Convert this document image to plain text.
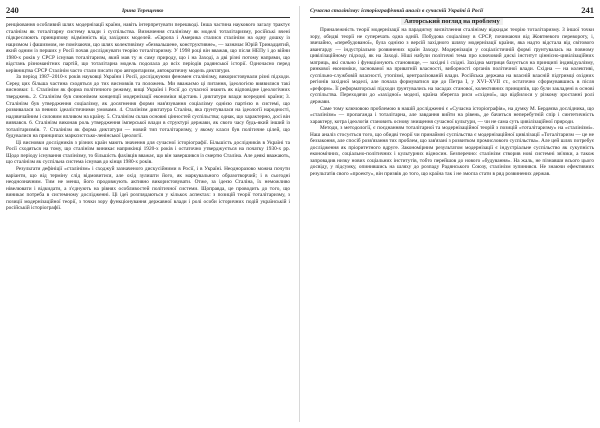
240	Ірина Терещенко

ренціювання особливий шлях модернізації країни, навіть інтерпретувати перешкоді. Інша частина наукового загалу трактує сталінізм як тоталітарну систему влади і суспільства. Визначення сталінізму як моделі тоталітаризму, російські вчені підкреслюють принципову відмінність від західних моделей. «Європа і Америка сталися сталінізм на одну дошку із нацизмом і фашизмом, не помічаючи, що шлях колективізму «безвальшене, конструктивне», — зазначає Юрій Тринадцятий, який одним із перших у Росії почав досліджувати теорію тоталітаризму. У 1998 році він вважав, що після НЕПу і до війни 1980-х років у СРСР існував тоталітаризм, який мав ту ж саму природу, що і на Заході, а дві різні потому напрями, що відстань різноманітних партій, що тоталітарна модель подолала до всіх періодів радянської історії. Одночасно перед керівництва СРСР Сталінім часто стали писати про авторитаризм, автократичну модель диктатури.

За період 1987–2010-х років науковці України і Росії, досліджуючи феномен сталінізму, використовували різні підходи. Серед цих більша частина сходяться до тих висновків та положень. Ми вважаємо ці питання, ідеологією виявилися такі висновки: 1. Сталінізм як форма політичного режиму, вищі Україні і Росії до сучасної знають як відповідне ідеологічних тверджень. 2. Сталінізм був синонімом концепції модернізації економіки відстань і диктатури влади всередині країни; 3. Сталінізм був утвердження соціалізму, як досягнення форми нав'язування соціалізму однією партією в системі, що розвивалася за певних ідеалістичними умовами. 4. Сталінізм диктатура Сталіна, яка ґрунтувалася на ідеології народності, надзвичайним і силовим впливом на країну. 5. Сталінізм склав основні цінностей суспільства; однак, що характерно, досі він вивчався. 6. Сталінізм виконав роль утвердження імперської влади в структурі держави, як свого часу будь-який інший із тоталітаризмів. 7. Сталінізм як форма диктатури — новий тип тоталітаризму, у якому класи був політичне цілей, що будувалися на принципах марксистсько-ленінської ідеології.

Ці висновки дослідників з різних країн мають значення для сучасної історіографії. Більшість дослідників в Україні та Росії сходяться на тому, що сталінізм виникає наприкінці 1920-х років і остаточно утверджується на початку 1930-х рр. Щодо періоду існування сталінізму, то більшість фахівців вважає, що він завершився із смертю Сталіна. Але деякі вважають, що сталінізм як суспільна система існував до кінця 1980-х років.

Результати дефініції «сталінізм» і сходжуй зазначеного дискусійними в Росії, і в Україні. Неодноразово можна почути варіанти, що від терміну слід відмовитися, але охід зулишти його, як маркувального образотворчий; і в сьогодні неоднозначним. Тим не менш, його продовжують активно використовувати. Отже, за ідеєю Сталіна, їх неможливо нівелювати і відкидати, а з'єднують на рівнях особливостей політичної системи. Щоправда, це проводить до того, що виникає потреба в системному дослідженні. Ці ідеї розглядаються у кількох аспектах: з позицій теорії тоталітаризму, з позиції модернізаційної теорії, з точки зору функціонування державної влади і ролі особи історичних подій українській і російській історіографії.

Сучасна сталінізму: історіографічний аналіз в сучасній Україні й Росії	241
Авторський погляд на проблему

Приналежність теорії модернізації на парадигму висвітлення сталінізму відкидає теорію тоталітаризму. З іншої точки зору, обидві теорії не суперечать одна одній. Побудова соціалізму в СРСР, починаючи від Жовтневого перевороту, і, звичайно, «перебудованої», була однією з версій західного шляху модернізації країни, яка надто відстала від світового авангарду — індустріально розвинених країн Заходу. Модернізація у соціалістичній формі ґрунтувалась на повному цивілізаційному підході, як на Заході. Ніші набули політичні тема про ключовий дискі інститут ціннісно-цивілізаційних матриць, які сильно і функціонують становище, — західні і східні. Західна матриця базується на принципі індивідуалізму, ринкової економіки, заснованої на приватній власності, виборності органів політичної влади. Східна — на колективі, суспільно-службовій власності, утопізмі, централізованій влади. Російська держава на власній власній підтримці охідних регіонів західної моделі, але почала формуватися ще до Петра І, у XVI–XVII ст., остаточно сформувавшись в після «реформ». Її реформаторські підходи ґрунтувались на засадах станової, колективних принципів, що були закладені в основі суспільства. Переходячи до «західної» моделі, країна зберегла риси «східної», що відбилося у різкому зростанні ролі держави.

Саме тому ключовою проблемою в нашій дослідженні є «Сучасна історіографія», на думку М. Бердяєва дослідника, що «сталінізм» — пропаганда і тоталітарна, але завдання вийти на рівень, де бачиться неперебутній спір і синтетичність характеру, котра ідеологія становить основу знищення сучасної культури, — чи не сама суть цивілізаційної природи.

Методи, з методології, є поєднанням тоталітарної та модернізаційної теорій з позицій «тоталітаризму» на «сталінізмі». Наш аналіз стосується того, що обидві теорії чи принаймні суспільства є модернізаційної цивілізації «Тоталітаризм — це не беззаконня, але спосіб розв'язання тих проблем, що зав'язані з розвитком промислового суспільства». Але цей шлях потребує дослідження як пріоритетного вдруге. Закономірним результатом модернізації є індустріальне суспільство як сукупність економічних, соціально-політичних і культурних відносин. Безперечно: сталінізм створив нові системні зв'язки, а також запровадив низку нових соціальних інститутів, тобто перейшов до нового «будування». На жаль, не пізнавши всього цього досвіду, у підсумку, опинившись на шляху до розпаду Радянського Союзу, сталінізм зупинився. Не знаючи ефективних результатів свого «проекту», він призвів до того, що країна так і не змогла стати в ряд розвинених держав.
